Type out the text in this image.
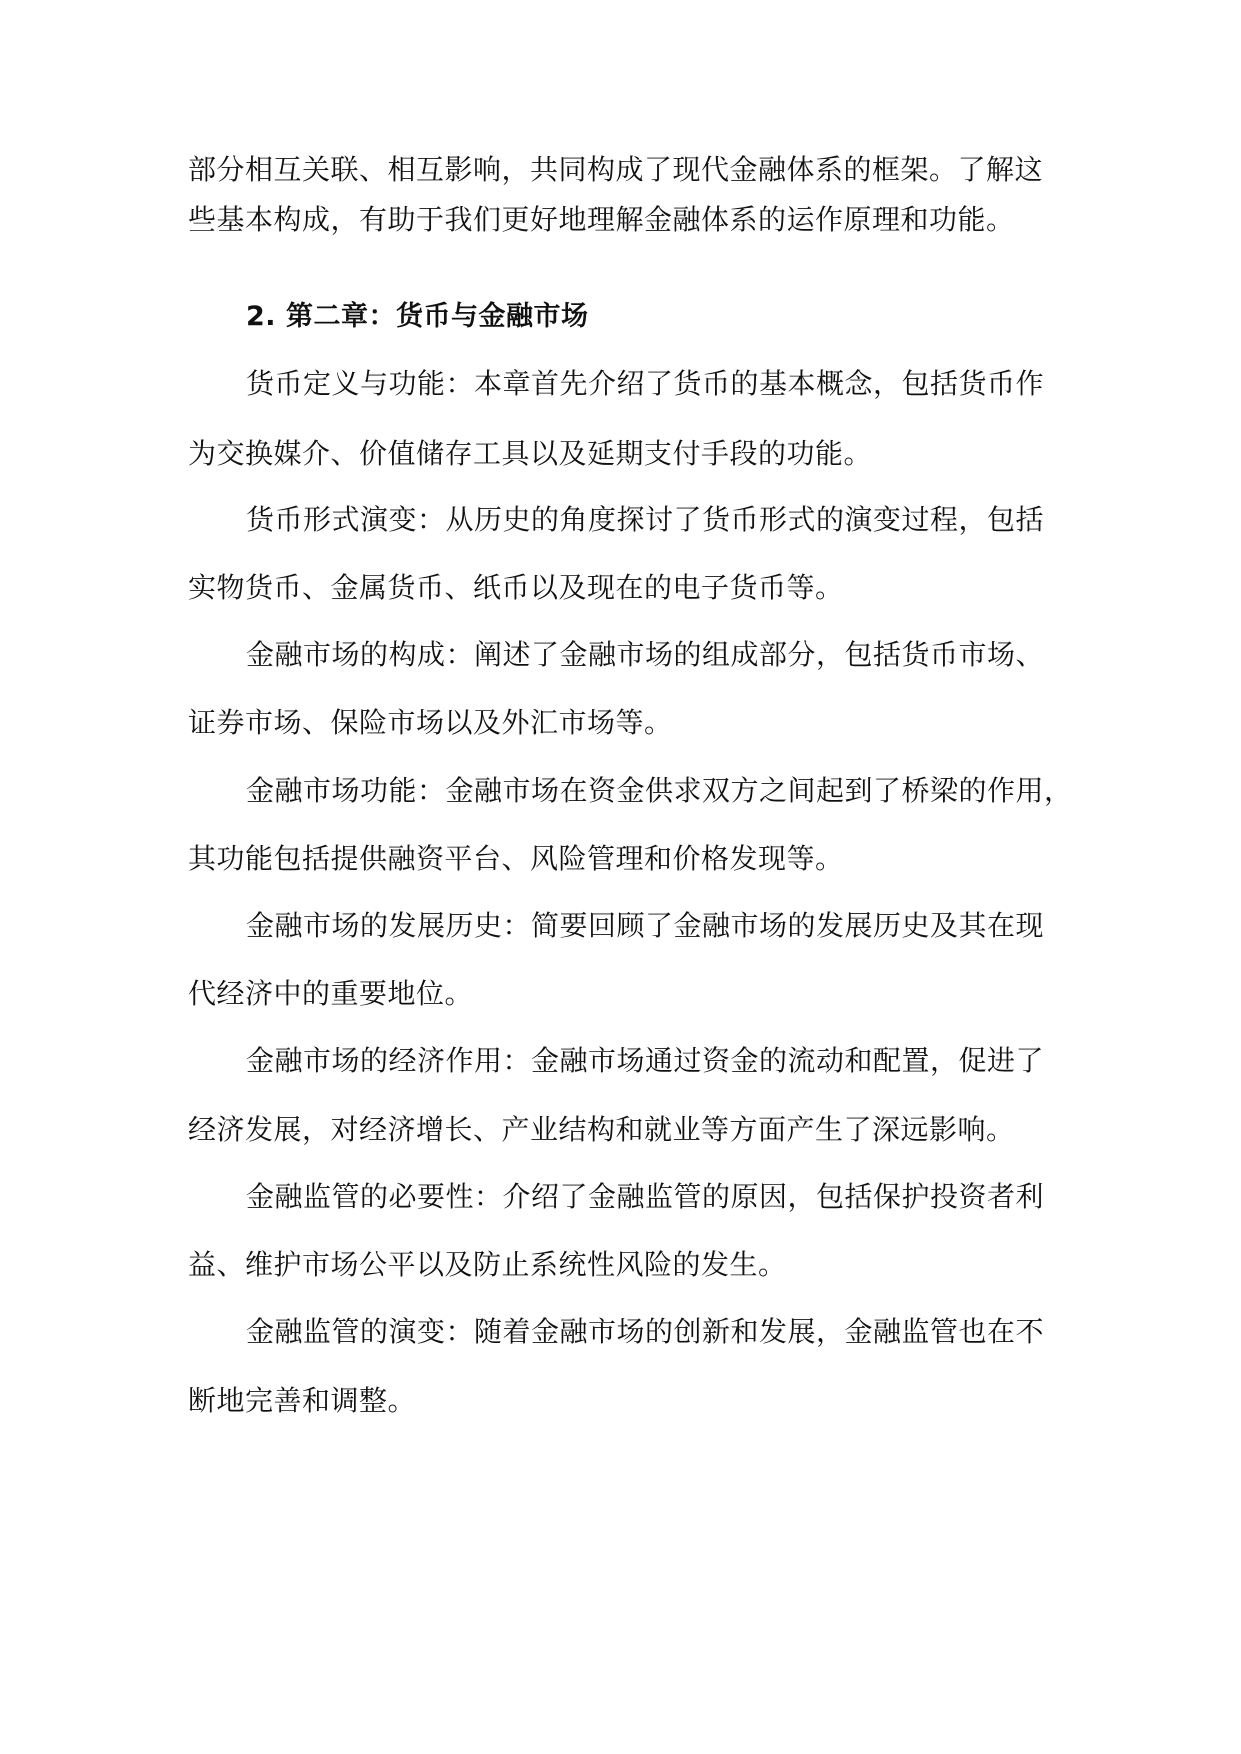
部分相互关联、相互影响，共同构成了现代金融体系的框架。了解这
些基本构成，有助于我们更好地理解金融体系的运作原理和功能。
2. 第二章：货币与金融市场
货币定义与功能：本章首先介绍了货币的基本概念，包括货币作
为交换媒介、价值储存工具以及延期支付手段的功能。
货币形式演变：从历史的角度探讨了货币形式的演变过程，包括
实物货币、金属货币、纸币以及现在的电子货币等。
金融市场的构成：阐述了金融市场的组成部分，包括货币市场、
证券市场、保险市场以及外汇市场等。
金融市场功能：金融市场在资金供求双方之间起到了桥梁的作用，
其功能包括提供融资平台、风险管理和价格发现等。
金融市场的发展历史：简要回顾了金融市场的发展历史及其在现
代经济中的重要地位。
金融市场的经济作用：金融市场通过资金的流动和配置，促进了
经济发展，对经济增长、产业结构和就业等方面产生了深远影响。
金融监管的必要性：介绍了金融监管的原因，包括保护投资者利
益、维护市场公平以及防止系统性风险的发生。
金融监管的演变：随着金融市场的创新和发展，金融监管也在不
断地完善和调整。
